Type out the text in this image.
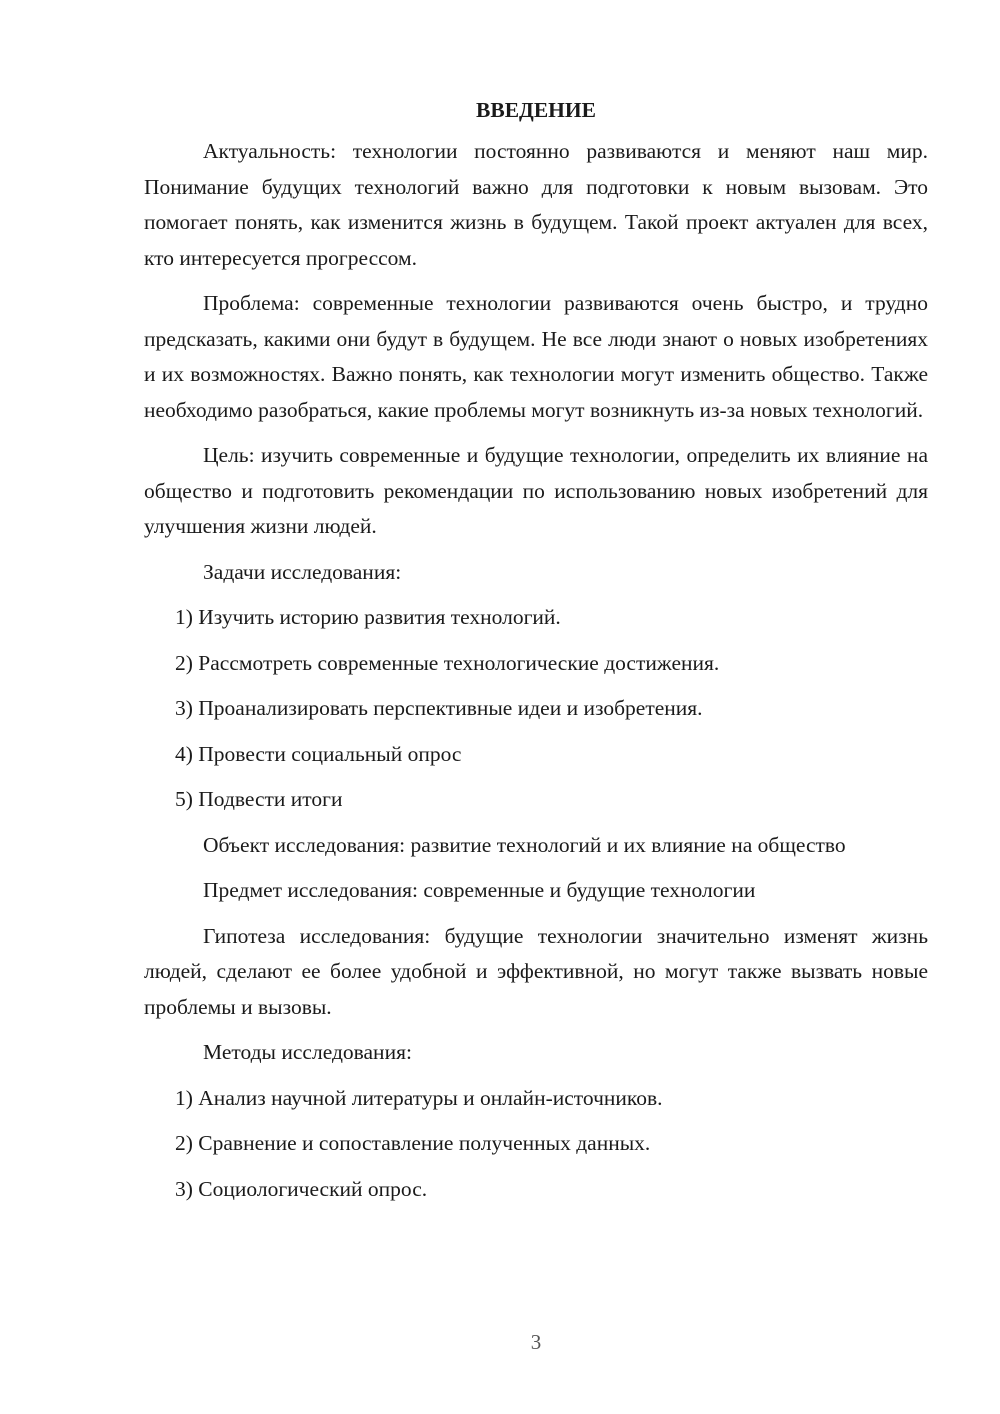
ВВЕДЕНИЕ

Актуальность: технологии постоянно развиваются и меняют наш мир. Понимание будущих технологий важно для подготовки к новым вызовам. Это помогает понять, как изменится жизнь в будущем. Такой проект актуален для всех, кто интересуется прогрессом.

Проблема: современные технологии развиваются очень быстро, и трудно предсказать, какими они будут в будущем. Не все люди знают о новых изобретениях и их возможностях. Важно понять, как технологии могут изменить общество. Также необходимо разобраться, какие проблемы могут возникнуть из-за новых технологий.

Цель: изучить современные и будущие технологии, определить их влияние на общество и подготовить рекомендации по использованию новых изобретений для улучшения жизни людей.

Задачи исследования:

1) Изучить историю развития технологий.

2) Рассмотреть современные технологические достижения.

3) Проанализировать перспективные идеи и изобретения.

4) Провести социальный опрос

5) Подвести итоги

Объект исследования: развитие технологий и их влияние на общество

Предмет исследования: современные и будущие технологии

Гипотеза исследования: будущие технологии значительно изменят жизнь людей, сделают ее более удобной и эффективной, но могут также вызвать новые проблемы и вызовы.

Методы исследования:

1) Анализ научной литературы и онлайн-источников.

2) Сравнение и сопоставление полученных данных.

3) Социологический опрос.

3
